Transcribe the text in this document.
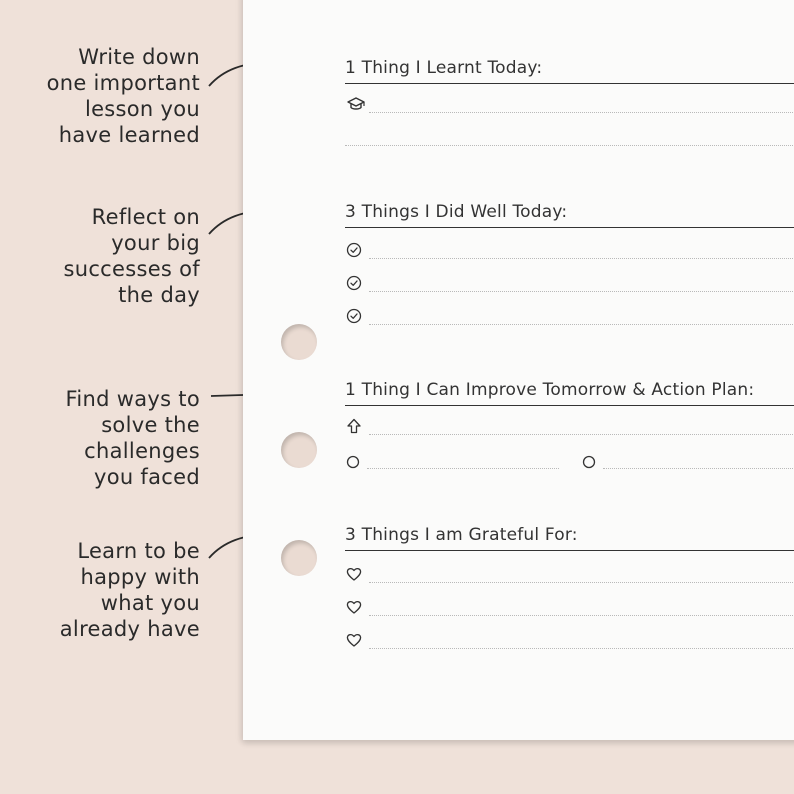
Write down
one important
lesson you
have learned
Reflect on
your big
successes of
the day
Find ways to
solve the
challenges
you faced
Learn to be
happy with
what you
already have
1 Thing I Learnt Today:
3 Things I Did Well Today:
1 Thing I Can Improve Tomorrow & Action Plan:
3 Things I am Grateful For:
